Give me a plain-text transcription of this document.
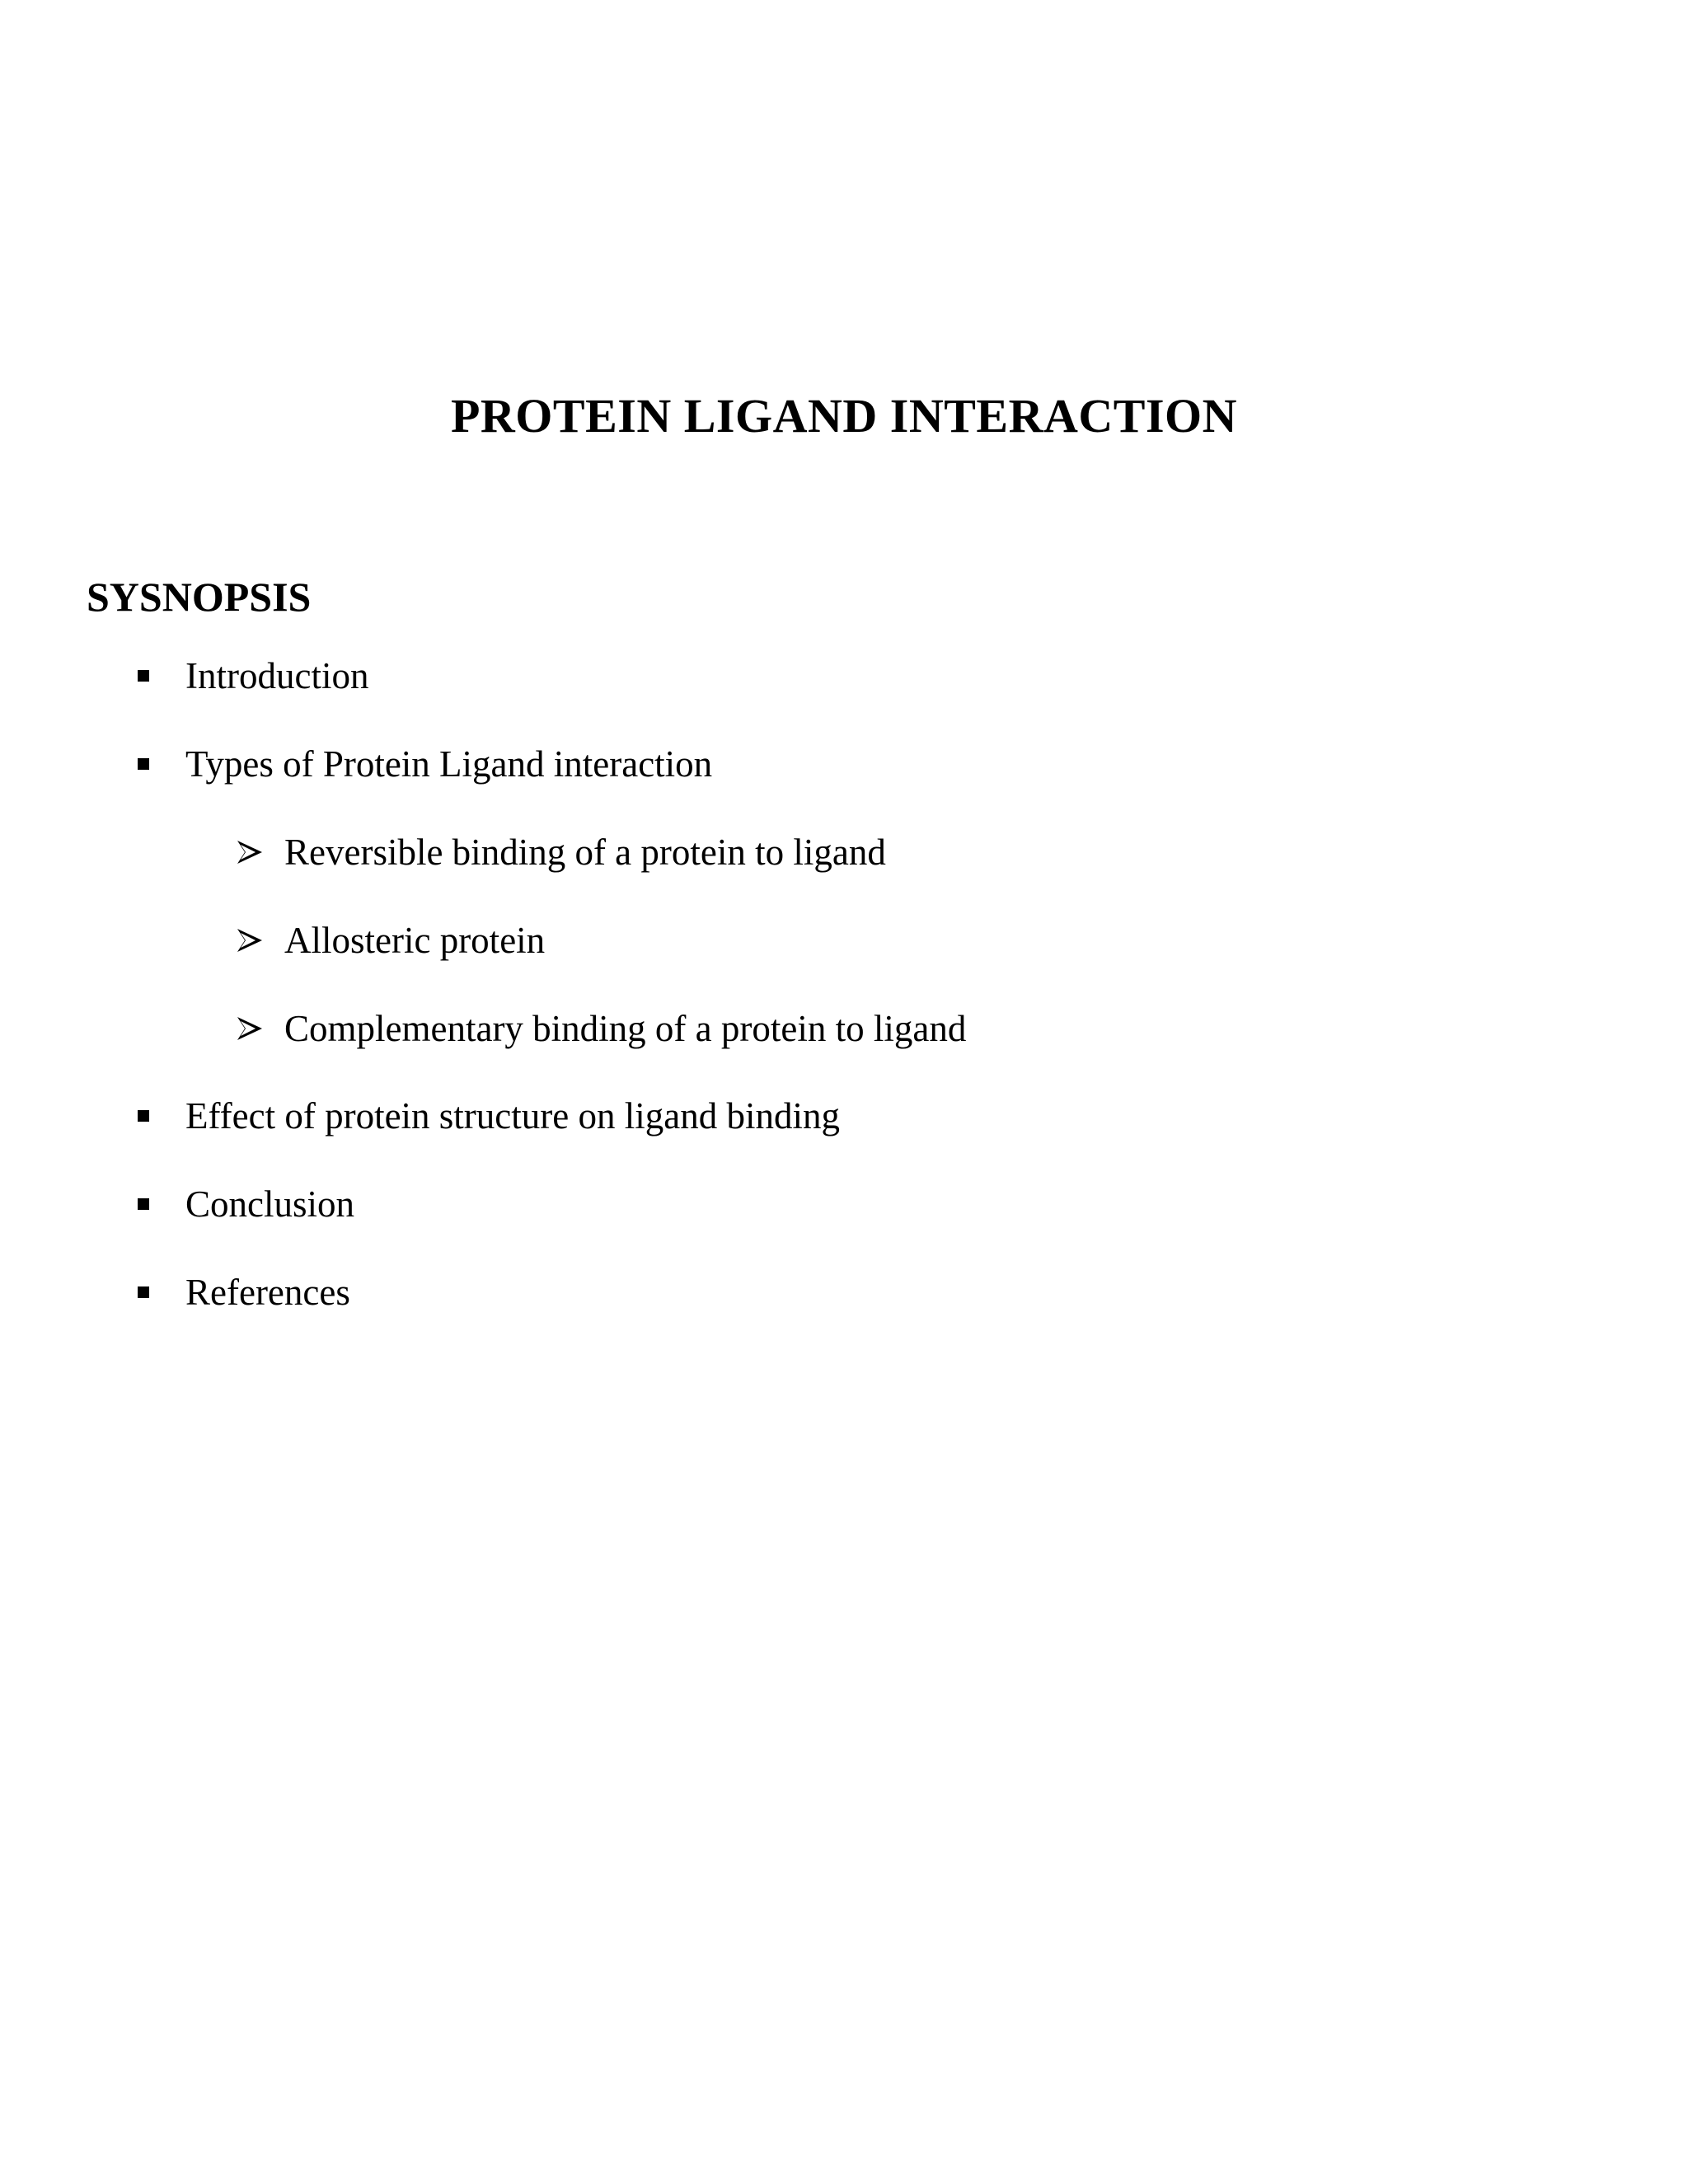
PROTEIN LIGAND INTERACTION
SYSNOPSIS
Introduction
Types of Protein Ligand interaction
Reversible binding of a protein to ligand
Allosteric protein
Complementary binding of a protein to ligand
Effect of protein structure on ligand binding
Conclusion
References
